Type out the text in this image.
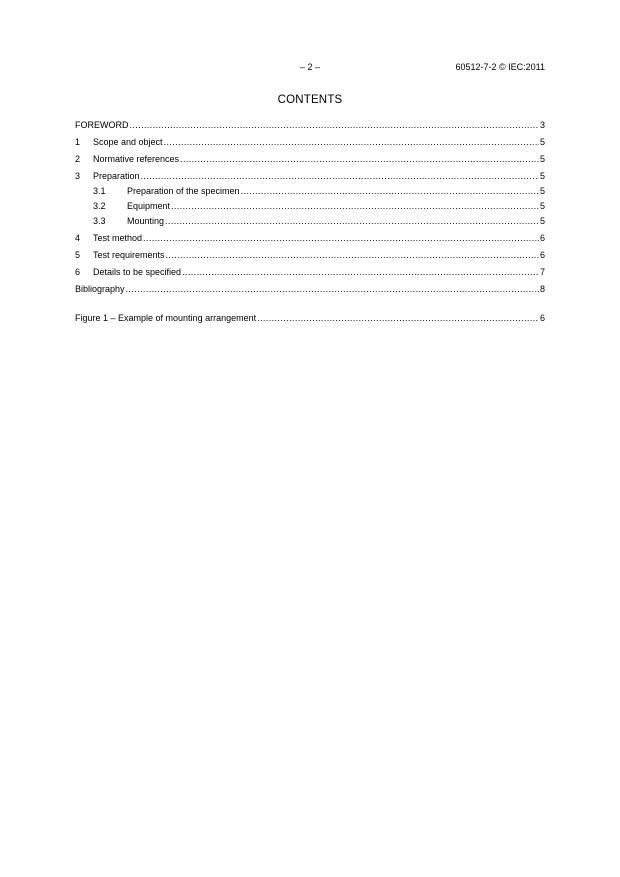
– 2 –	60512-7-2 © IEC:2011
CONTENTS
FOREWORD .....	3
1	Scope and object .....	5
2	Normative references .....	5
3	Preparation .....	5
3.1	Preparation of the specimen .....	5
3.2	Equipment .....	5
3.3	Mounting .....	5
4	Test method .....	6
5	Test requirements .....	6
6	Details to be specified .....	7
Bibliography .....	8
Figure 1 – Example of mounting arrangement .....	6
